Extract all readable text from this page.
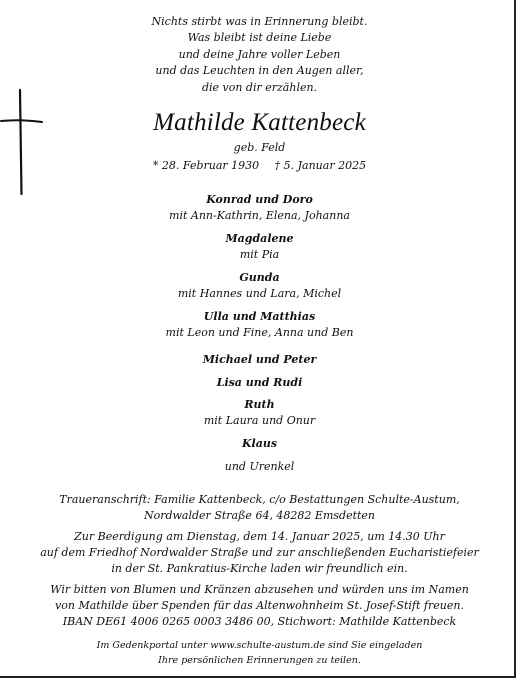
Nichts stirbt was in Erinnerung bleibt.
Was bleibt ist deine Liebe
und deine Jahre voller Leben
und das Leuchten in den Augen aller,
die von dir erzählen.
Mathilde Kattenbeck
geb. Feld
* 28. Februar 1930 † 5. Januar 2025
Konrad und Doro
mit Ann-Kathrin, Elena, Johanna
Magdalene
mit Pia
Gunda
mit Hannes und Lara, Michel
Ulla und Matthias
mit Leon und Fine, Anna und Ben
Michael und Peter
Lisa und Rudi
Ruth
mit Laura und Onur
Klaus
und Urenkel
Traueranschrift: Familie Kattenbeck, c/o Bestattungen Schulte-Austum,
Nordwalder Straße 64, 48282 Emsdetten
Zur Beerdigung am Dienstag, dem 14. Januar 2025, um 14.30 Uhr
auf dem Friedhof Nordwalder Straße und zur anschließenden Eucharistiefeier
in der St. Pankratius-Kirche laden wir freundlich ein.
Wir bitten von Blumen und Kränzen abzusehen und würden uns im Namen
von Mathilde über Spenden für das Altenwohnheim St. Josef-Stift freuen.
IBAN DE61 4006 0265 0003 3486 00, Stichwort: Mathilde Kattenbeck
Im Gedenkportal unter www.schulte-austum.de sind Sie eingeladen
Ihre persönlichen Erinnerungen zu teilen.
